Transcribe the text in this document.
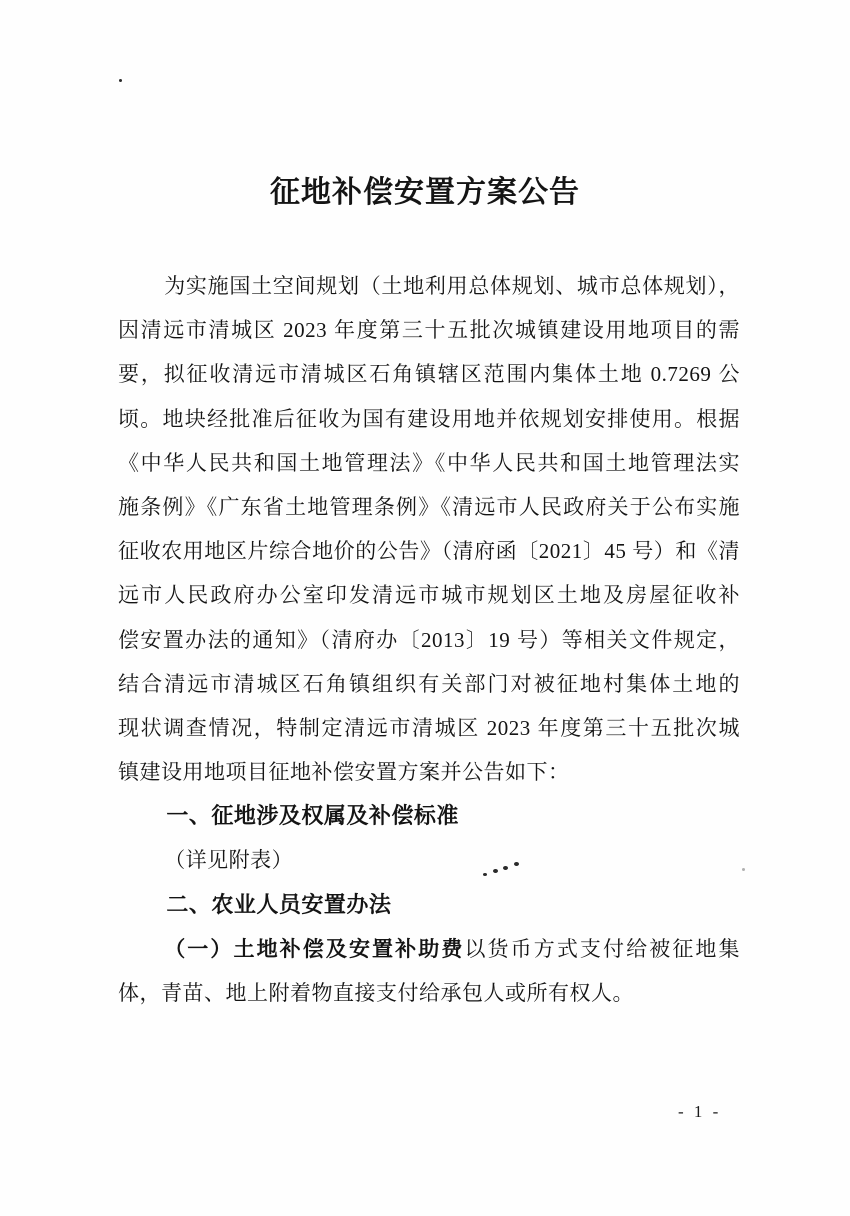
征地补偿安置方案公告
为实施国土空间规划（土地利用总体规划、城市总体规划），
因清远市清城区 2023 年度第三十五批次城镇建设用地项目的需
要，拟征收清远市清城区石角镇辖区范围内集体土地 0.7269 公
顷。地块经批准后征收为国有建设用地并依规划安排使用。根据
《中华人民共和国土地管理法》《中华人民共和国土地管理法实
施条例》《广东省土地管理条例》《清远市人民政府关于公布实施
征收农用地区片综合地价的公告》（清府函〔2021〕45 号）和《清
远市人民政府办公室印发清远市城市规划区土地及房屋征收补
偿安置办法的通知》（清府办〔2013〕19 号）等相关文件规定，
结合清远市清城区石角镇组织有关部门对被征地村集体土地的
现状调查情况，特制定清远市清城区 2023 年度第三十五批次城
镇建设用地项目征地补偿安置方案并公告如下：
一、征地涉及权属及补偿标准
（详见附表）
二、农业人员安置办法
（一）土地补偿及安置补助费以货币方式支付给被征地集
体，青苗、地上附着物直接支付给承包人或所有权人。
- 1 -
